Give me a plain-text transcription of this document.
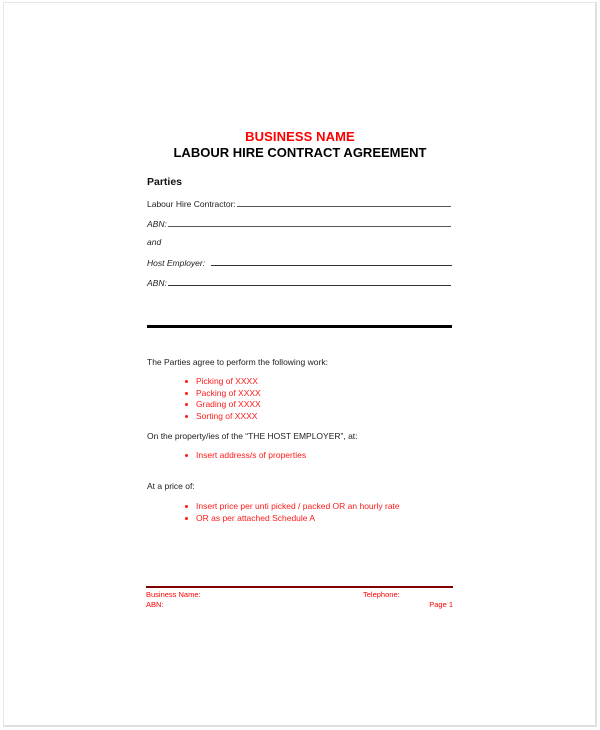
BUSINESS NAME
LABOUR HIRE CONTRACT AGREEMENT
Parties
Labour Hire Contractor:
ABN:
and
Host Employer:
ABN:
The Parties agree to perform the following work:
Picking of XXXX
Packing of XXXX
Grading of XXXX
Sorting of XXXX
On the property/ies of the “THE HOST EMPLOYER”, at:
Insert address/s of properties
At a price of:
Insert price per unti picked / packed OR an hourly rate
OR as per attached Schedule A
Business Name:
ABN:
Telephone:
Page 1
